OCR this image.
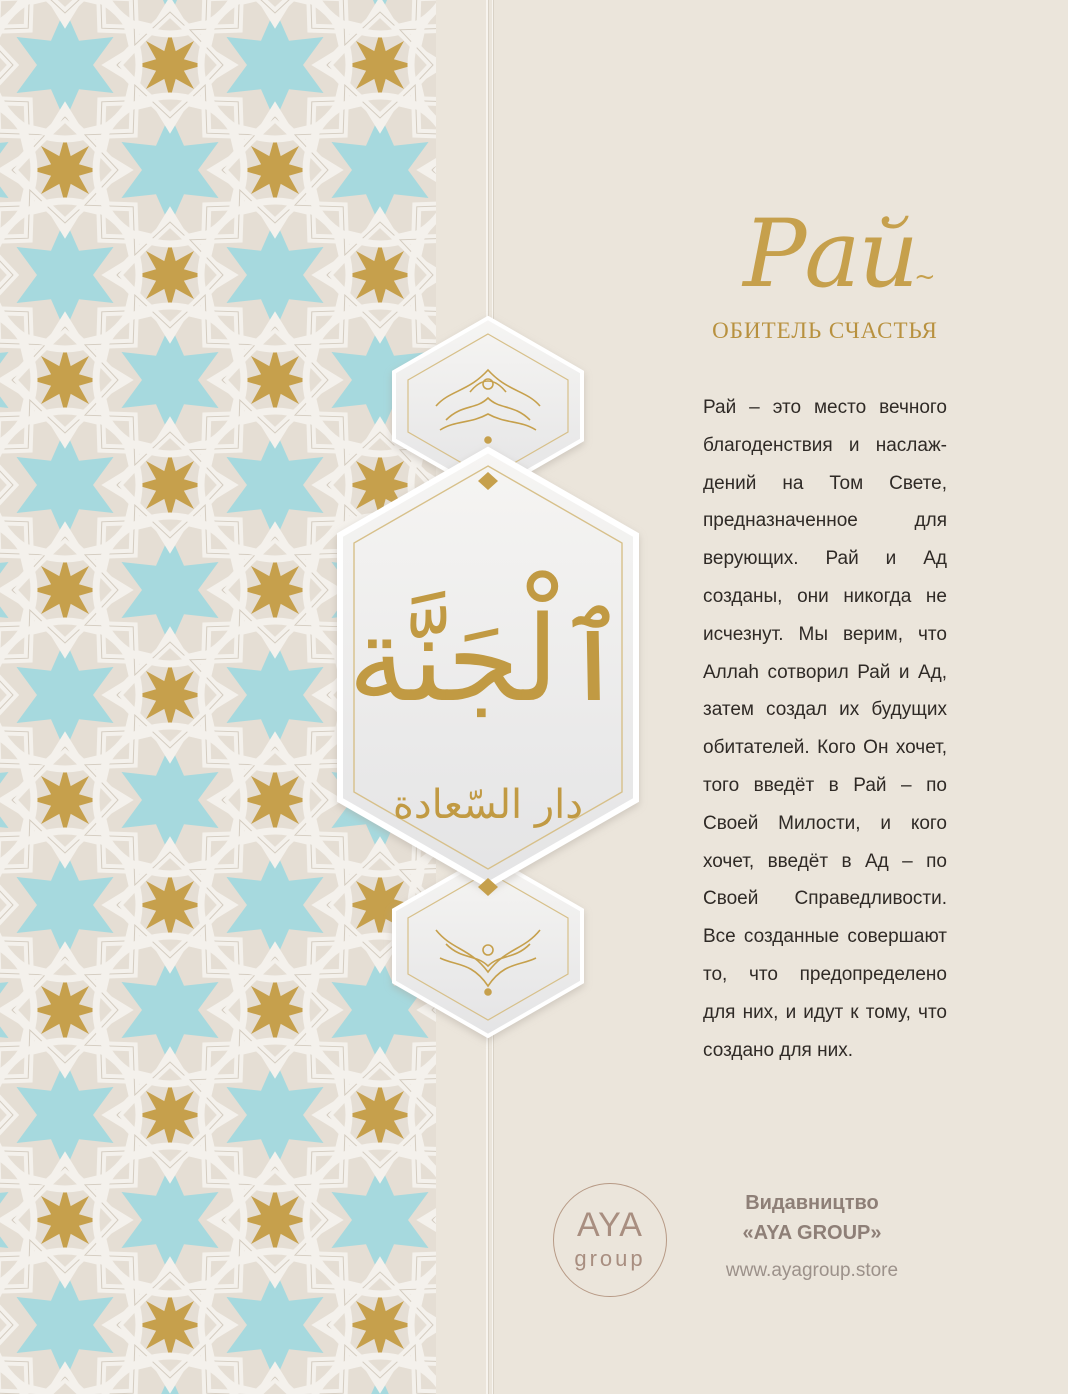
ٱلْجَنَّة
دار السّعادة
Рай
~
ОБИТЕЛЬ СЧАСТЬЯ
Рай – это место вечного благоденствия и наслаж-дений на Том Свете, предназначенное для верующих. Рай и Ад созданы, они никогда не исчезнут. Мы верим, что Аллаh сотворил Рай и Ад, затем создал их будущих обитателей. Кого Он хочет, того введёт в Рай – по Своей Милости, и кого хочет, введёт в Ад – по Своей Справедливости. Все созданные совершают то, что предопределено для них, и идут к тому, что создано для них.
AYA
group
Видавництво
«AYA GROUP»
www.ayagroup.store
